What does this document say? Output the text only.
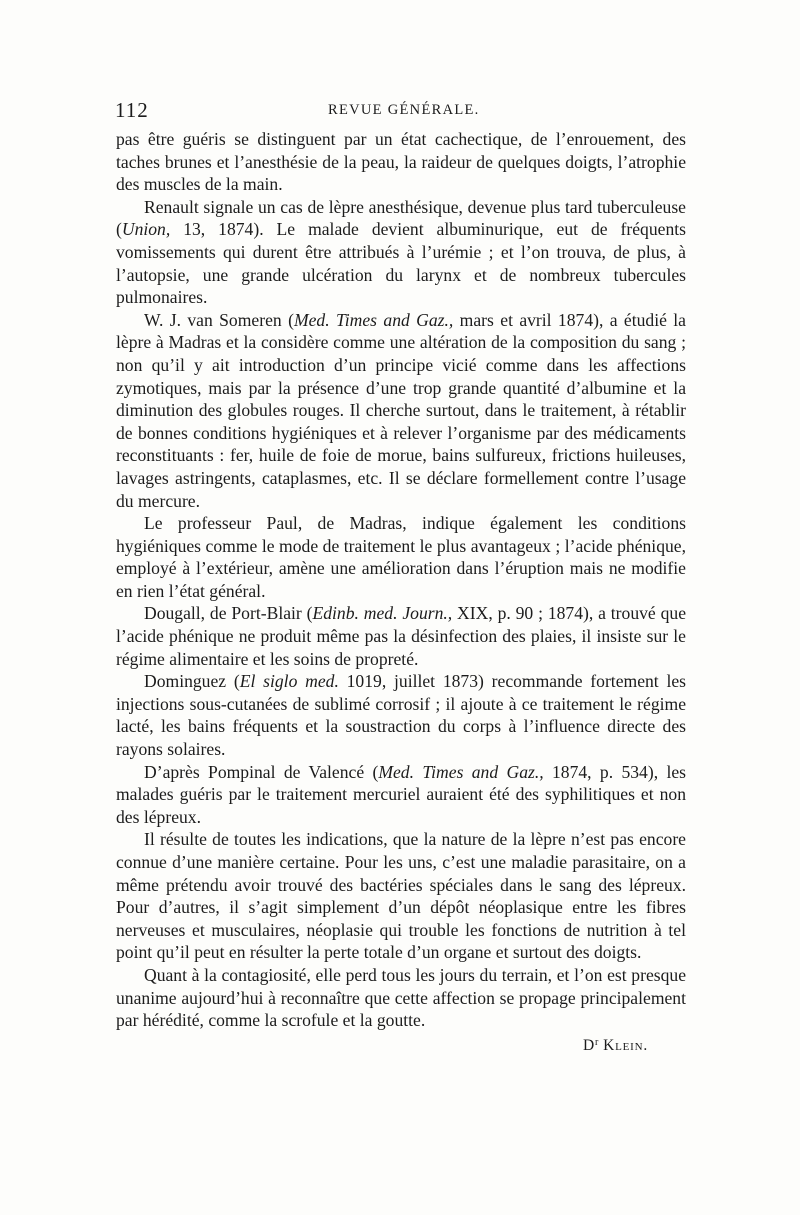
112	REVUE GÉNÉRALE.

pas être guéris se distinguent par un état cachectique, de l’enrouement, des taches brunes et l’anesthésie de la peau, la raideur de quelques doigts, l’atrophie des muscles de la main.

Renault signale un cas de lèpre anesthésique, devenue plus tard tuberculeuse (Union, 13, 1874). Le malade devient albuminurique, eut de fréquents vomissements qui durent être attribués à l’urémie ; et l’on trouva, de plus, à l’autopsie, une grande ulcération du larynx et de nombreux tubercules pulmonaires.

W. J. van Someren (Med. Times and Gaz., mars et avril 1874), a étudié la lèpre à Madras et la considère comme une altération de la composition du sang ; non qu’il y ait introduction d’un principe vicié comme dans les affections zymotiques, mais par la présence d’une trop grande quantité d’albumine et la diminution des globules rouges. Il cherche surtout, dans le traitement, à rétablir de bonnes conditions hygiéniques et à relever l’organisme par des médicaments reconstituants : fer, huile de foie de morue, bains sulfureux, frictions huileuses, lavages astringents, cataplasmes, etc. Il se déclare formellement contre l’usage du mercure.

Le professeur Paul, de Madras, indique également les conditions hygiéniques comme le mode de traitement le plus avantageux ; l’acide phénique, employé à l’extérieur, amène une amélioration dans l’éruption mais ne modifie en rien l’état général.

Dougall, de Port-Blair (Edinb. med. Journ., XIX, p. 90 ; 1874), a trouvé que l’acide phénique ne produit même pas la désinfection des plaies, il insiste sur le régime alimentaire et les soins de propreté.

Dominguez (El siglo med. 1019, juillet 1873) recommande fortement les injections sous-cutanées de sublimé corrosif ; il ajoute à ce traitement le régime lacté, les bains fréquents et la soustraction du corps à l’influence directe des rayons solaires.

D’après Pompinal de Valencé (Med. Times and Gaz., 1874, p. 534), les malades guéris par le traitement mercuriel auraient été des syphilitiques et non des lépreux.

Il résulte de toutes les indications, que la nature de la lèpre n’est pas encore connue d’une manière certaine. Pour les uns, c’est une maladie parasitaire, on a même prétendu avoir trouvé des bactéries spéciales dans le sang des lépreux. Pour d’autres, il s’agit simplement d’un dépôt néoplasique entre les fibres nerveuses et musculaires, néoplasie qui trouble les fonctions de nutrition à tel point qu’il peut en résulter la perte totale d’un organe et surtout des doigts.

Quant à la contagiosité, elle perd tous les jours du terrain, et l’on est presque unanime aujourd’hui à reconnaître que cette affection se propage principalement par hérédité, comme la scrofule et la goutte.

$D^r$ Klein.
